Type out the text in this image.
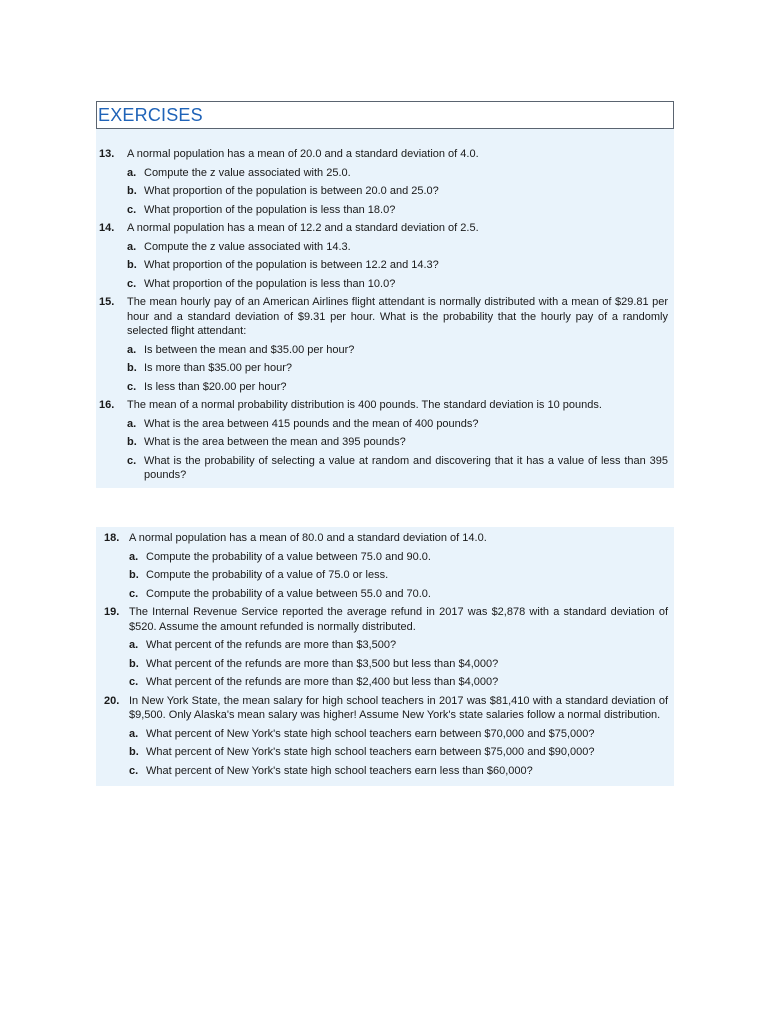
EXERCISES
13. A normal population has a mean of 20.0 and a standard deviation of 4.0.
a. Compute the z value associated with 25.0.
b. What proportion of the population is between 20.0 and 25.0?
c. What proportion of the population is less than 18.0?
14. A normal population has a mean of 12.2 and a standard deviation of 2.5.
a. Compute the z value associated with 14.3.
b. What proportion of the population is between 12.2 and 14.3?
c. What proportion of the population is less than 10.0?
15. The mean hourly pay of an American Airlines flight attendant is normally distributed with a mean of $29.81 per hour and a standard deviation of $9.31 per hour. What is the probability that the hourly pay of a randomly selected flight attendant:
a. Is between the mean and $35.00 per hour?
b. Is more than $35.00 per hour?
c. Is less than $20.00 per hour?
16. The mean of a normal probability distribution is 400 pounds. The standard deviation is 10 pounds.
a. What is the area between 415 pounds and the mean of 400 pounds?
b. What is the area between the mean and 395 pounds?
c. What is the probability of selecting a value at random and discovering that it has a value of less than 395 pounds?
18. A normal population has a mean of 80.0 and a standard deviation of 14.0.
a. Compute the probability of a value between 75.0 and 90.0.
b. Compute the probability of a value of 75.0 or less.
c. Compute the probability of a value between 55.0 and 70.0.
19. The Internal Revenue Service reported the average refund in 2017 was $2,878 with a standard deviation of $520. Assume the amount refunded is normally distributed.
a. What percent of the refunds are more than $3,500?
b. What percent of the refunds are more than $3,500 but less than $4,000?
c. What percent of the refunds are more than $2,400 but less than $4,000?
20. In New York State, the mean salary for high school teachers in 2017 was $81,410 with a standard deviation of $9,500. Only Alaska's mean salary was higher! Assume New York's state salaries follow a normal distribution.
a. What percent of New York's state high school teachers earn between $70,000 and $75,000?
b. What percent of New York's state high school teachers earn between $75,000 and $90,000?
c. What percent of New York's state high school teachers earn less than $60,000?
